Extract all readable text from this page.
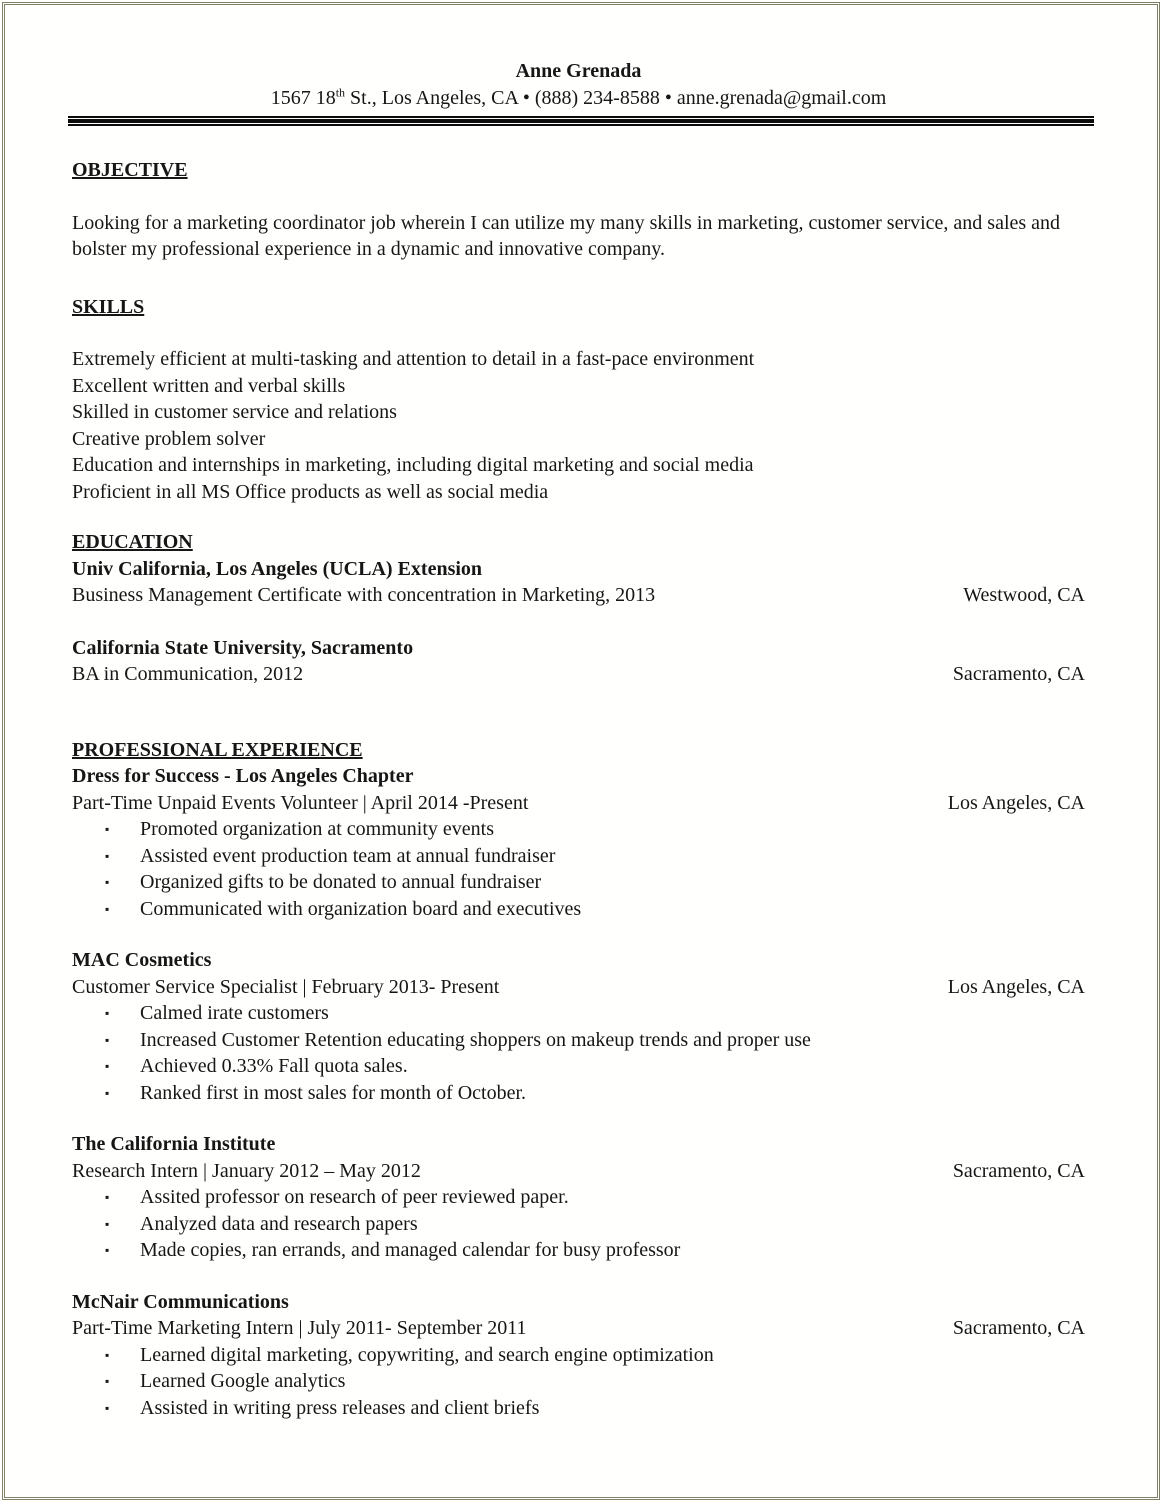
Anne Grenada
1567 18th St., Los Angeles, CA • (888) 234-8588 • anne.grenada@gmail.com
OBJECTIVE
Looking for a marketing coordinator job wherein I can utilize my many skills in marketing, customer service, and sales and bolster my professional experience in a dynamic and innovative company.
SKILLS
Extremely efficient at multi-tasking and attention to detail in a fast-pace environment
Excellent written and verbal skills
Skilled in customer service and relations
Creative problem solver
Education and internships in marketing, including digital marketing and social media
Proficient in all MS Office products as well as social media
EDUCATION
Univ California, Los Angeles (UCLA) Extension
Business Management Certificate with concentration in Marketing, 2013	Westwood, CA
California State University, Sacramento
BA in Communication, 2012	Sacramento, CA
PROFESSIONAL EXPERIENCE
Dress for Success - Los Angeles Chapter
Part-Time Unpaid Events Volunteer | April 2014 -Present	Los Angeles, CA
▪	Promoted organization at community events
▪	Assisted event production team at annual fundraiser
▪	Organized gifts to be donated to annual fundraiser
▪	Communicated with organization board and executives
MAC Cosmetics
Customer Service Specialist | February 2013- Present	Los Angeles, CA
▪	Calmed irate customers
▪	Increased Customer Retention educating shoppers on makeup trends and proper use
▪	Achieved 0.33% Fall quota sales.
▪	Ranked first in most sales for month of October.
The California Institute
Research Intern | January 2012 – May 2012	Sacramento, CA
▪	Assited professor on research of peer reviewed paper.
▪	Analyzed data and research papers
▪	Made copies, ran errands, and managed calendar for busy professor
McNair Communications
Part-Time Marketing Intern | July 2011- September 2011	Sacramento, CA
▪	Learned digital marketing, copywriting, and search engine optimization
▪	Learned Google analytics
▪	Assisted in writing press releases and client briefs
